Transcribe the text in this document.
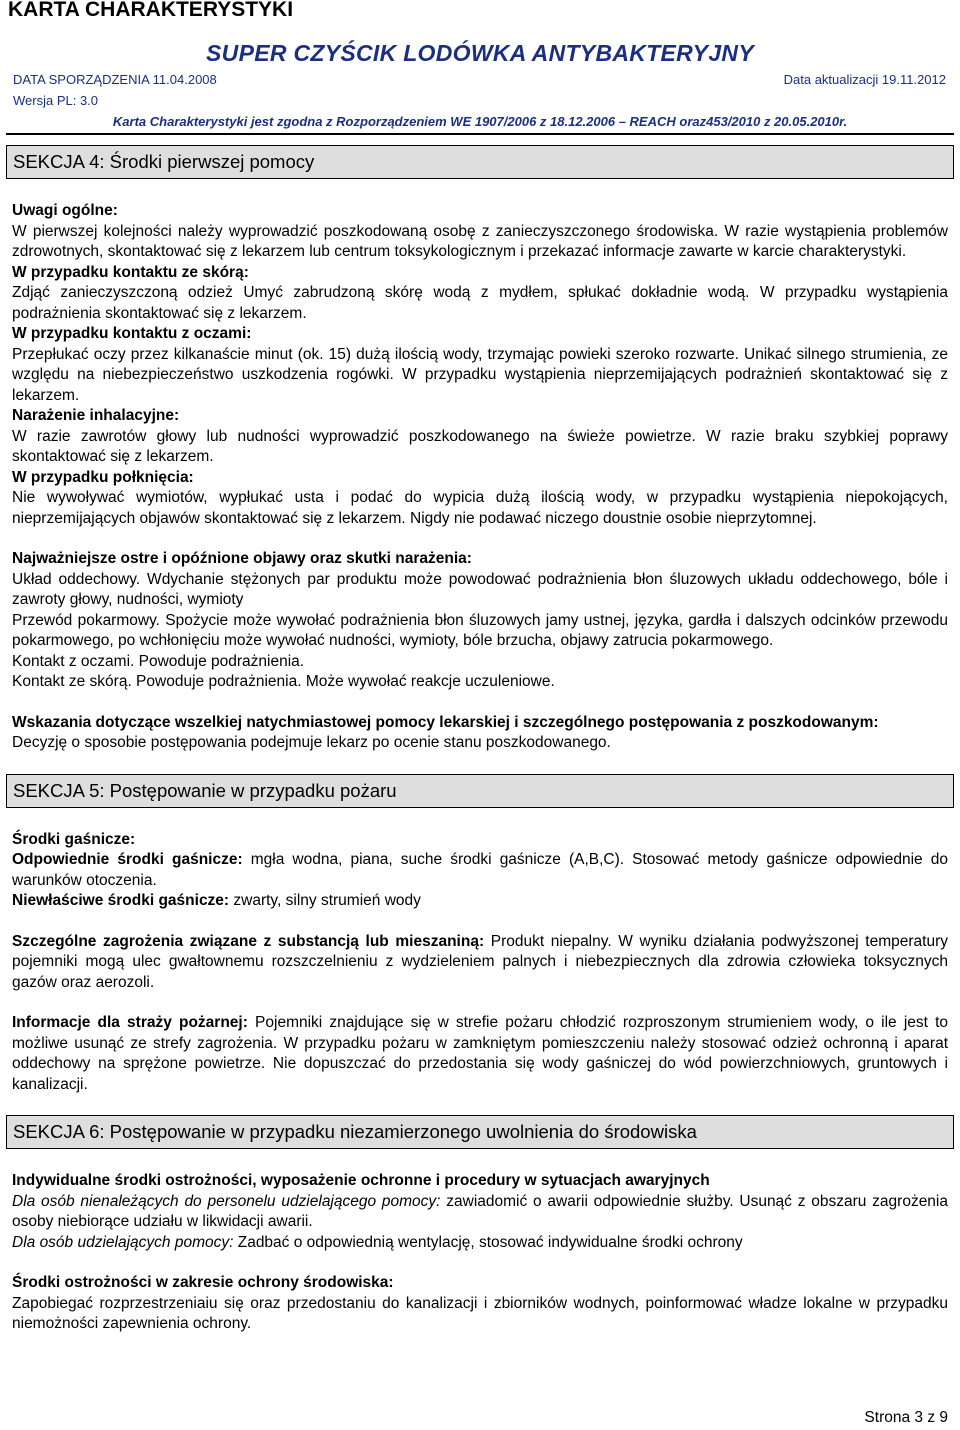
KARTA CHARAKTERYSTYKI
SUPER CZYŚCIK LODÓWKA ANTYBAKTERYJNY
DATA SPORZĄDZENIA 11.04.2008	Data aktualizacji 19.11.2012
Wersja PL: 3.0
Karta Charakterystyki jest zgodna z Rozporządzeniem WE 1907/2006 z 18.12.2006 – REACH oraz453/2010 z 20.05.2010r.
SEKCJA 4: Środki pierwszej pomocy

Uwagi ogólne:

W pierwszej kolejności należy wyprowadzić poszkodowaną osobę z zanieczyszczonego środowiska. W razie wystąpienia problemów zdrowotnych, skontaktować się z lekarzem lub centrum toksykologicznym i przekazać informacje zawarte w karcie charakterystyki.

W przypadku kontaktu ze skórą:

Zdjąć zanieczyszczoną odzież Umyć zabrudzoną skórę wodą z mydłem, spłukać dokładnie wodą. W przypadku wystąpienia podrażnienia skontaktować się z lekarzem.

W przypadku kontaktu z oczami:

Przepłukać oczy przez kilkanaście minut (ok. 15) dużą ilością wody, trzymając powieki szeroko rozwarte. Unikać silnego strumienia, ze względu na niebezpieczeństwo uszkodzenia rogówki. W przypadku wystąpienia nieprzemijających podrażnień skontaktować się z lekarzem.

Narażenie inhalacyjne:

W razie zawrotów głowy lub nudności wyprowadzić poszkodowanego na świeże powietrze. W razie braku szybkiej poprawy skontaktować się z lekarzem.

W przypadku połknięcia:

Nie wywoływać wymiotów, wypłukać usta i podać do wypicia dużą ilością wody, w przypadku wystąpienia niepokojących, nieprzemijających objawów skontaktować się z lekarzem. Nigdy nie podawać niczego doustnie osobie nieprzytomnej.

Najważniejsze ostre i opóźnione objawy oraz skutki narażenia:

Układ oddechowy. Wdychanie stężonych par produktu może powodować podrażnienia błon śluzowych układu oddechowego, bóle i zawroty głowy, nudności, wymioty

Przewód pokarmowy. Spożycie może wywołać podrażnienia błon śluzowych jamy ustnej, języka, gardła i dalszych odcinków przewodu pokarmowego, po wchłonięciu może wywołać nudności, wymioty, bóle brzucha, objawy zatrucia pokarmowego.

Kontakt z oczami. Powoduje podrażnienia.

Kontakt ze skórą. Powoduje podrażnienia. Może wywołać reakcje uczuleniowe.

Wskazania dotyczące wszelkiej natychmiastowej pomocy lekarskiej i szczególnego postępowania z poszkodowanym:

Decyzję o sposobie postępowania podejmuje lekarz po ocenie stanu poszkodowanego.

SEKCJA 5: Postępowanie w przypadku pożaru

Środki gaśnicze:

Odpowiednie środki gaśnicze: mgła wodna, piana, suche środki gaśnicze (A,B,C). Stosować metody gaśnicze odpowiednie do warunków otoczenia.

Niewłaściwe środki gaśnicze: zwarty, silny strumień wody

Szczególne zagrożenia związane z substancją lub mieszaniną: Produkt niepalny. W wyniku działania podwyższonej temperatury pojemniki mogą ulec gwałtownemu rozszczelnieniu z wydzieleniem palnych i niebezpiecznych dla zdrowia człowieka toksycznych gazów oraz aerozoli.

Informacje dla straży pożarnej: Pojemniki znajdujące się w strefie pożaru chłodzić rozproszonym strumieniem wody, o ile jest to możliwe usunąć ze strefy zagrożenia. W przypadku pożaru w zamkniętym pomieszczeniu należy stosować odzież ochronną i aparat oddechowy na sprężone powietrze. Nie dopuszczać do przedostania się wody gaśniczej do wód powierzchniowych, gruntowych i kanalizacji.

SEKCJA 6: Postępowanie w przypadku niezamierzonego uwolnienia do środowiska

Indywidualne środki ostrożności, wyposażenie ochronne i procedury w sytuacjach awaryjnych

Dla osób nienależących do personelu udzielającego pomocy: zawiadomić o awarii odpowiednie służby. Usunąć z obszaru zagrożenia osoby niebiorące udziału w likwidacji awarii.

Dla osób udzielających pomocy: Zadbać o odpowiednią wentylację, stosować indywidualne środki ochrony

Środki ostrożności w zakresie ochrony środowiska:

Zapobiegać rozprzestrzeniaiu się oraz przedostaniu do kanalizacji i zbiorników wodnych, poinformować władze lokalne w przypadku niemożności zapewnienia ochrony.

Strona 3 z 9
